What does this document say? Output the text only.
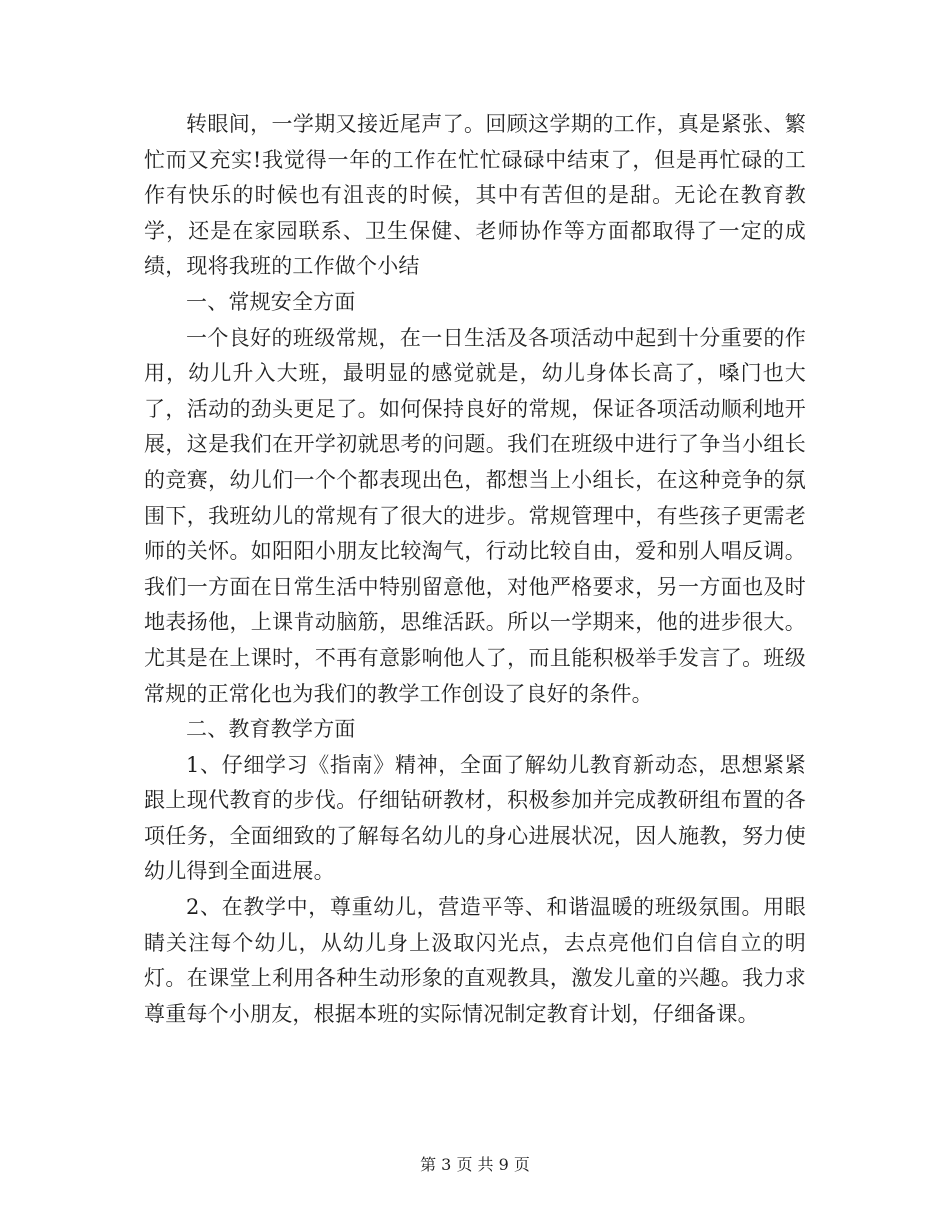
转眼间，一学期又接近尾声了。回顾这学期的工作，真是紧张、繁忙而又充实!我觉得一年的工作在忙忙碌碌中结束了，但是再忙碌的工作有快乐的时候也有沮丧的时候，其中有苦但的是甜。无论在教育教学，还是在家园联系、卫生保健、老师协作等方面都取得了一定的成绩，现将我班的工作做个小结

一、常规安全方面

一个良好的班级常规，在一日生活及各项活动中起到十分重要的作用，幼儿升入大班，最明显的感觉就是，幼儿身体长高了，嗓门也大了，活动的劲头更足了。如何保持良好的常规，保证各项活动顺利地开展，这是我们在开学初就思考的问题。我们在班级中进行了争当小组长的竞赛，幼儿们一个个都表现出色，都想当上小组长，在这种竞争的氛围下，我班幼儿的常规有了很大的进步。常规管理中，有些孩子更需老师的关怀。如阳阳小朋友比较淘气，行动比较自由，爱和别人唱反调。我们一方面在日常生活中特别留意他，对他严格要求，另一方面也及时地表扬他，上课肯动脑筋，思维活跃。所以一学期来，他的进步很大。尤其是在上课时，不再有意影响他人了，而且能积极举手发言了。班级常规的正常化也为我们的教学工作创设了良好的条件。

二、教育教学方面

1、仔细学习《指南》精神，全面了解幼儿教育新动态，思想紧紧跟上现代教育的步伐。仔细钻研教材，积极参加并完成教研组布置的各项任务，全面细致的了解每名幼儿的身心进展状况，因人施教，努力使幼儿得到全面进展。

2、在教学中，尊重幼儿，营造平等、和谐温暖的班级氛围。用眼睛关注每个幼儿，从幼儿身上汲取闪光点，去点亮他们自信自立的明灯。在课堂上利用各种生动形象的直观教具，激发儿童的兴趣。我力求尊重每个小朋友，根据本班的实际情况制定教育计划，仔细备课。

第 3 页 共 9 页
